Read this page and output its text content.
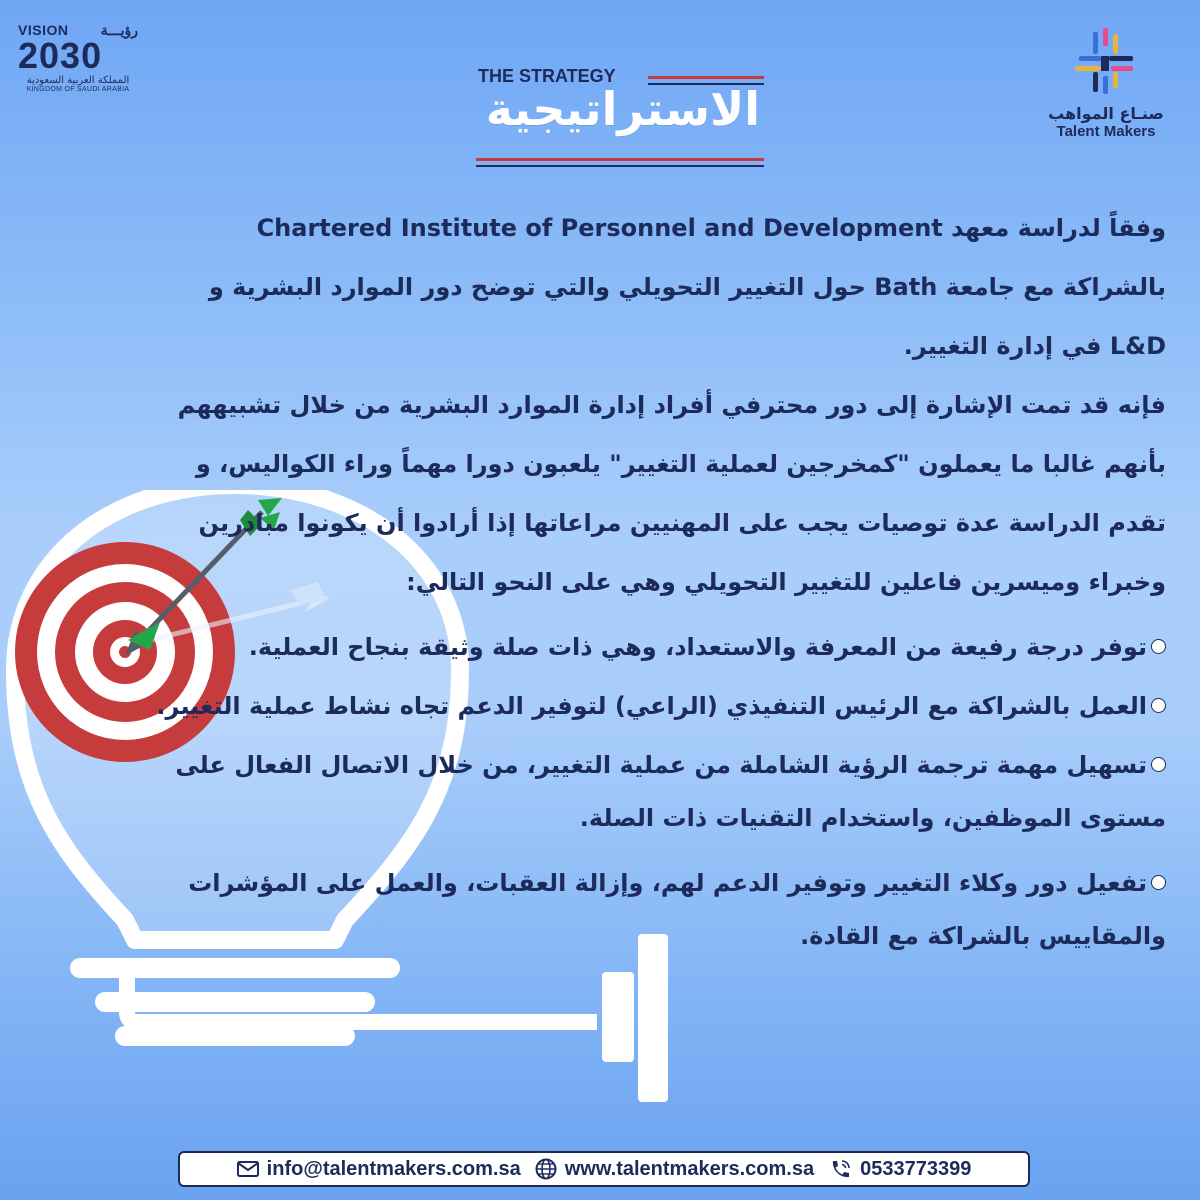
VISION رؤيـــة
2030
المملكة العربية السعودية
KINGDOM OF SAUDI ARABIA
صنـاع المواهب
Talent Makers
THE STRATEGY
الاستراتيجية
وفقاً لدراسة معهد Chartered Institute of Personnel and Development
بالشراكة مع جامعة Bath حول التغيير التحويلي والتي توضح دور الموارد البشرية و
L&D في إدارة التغيير.
فإنه قد تمت الإشارة إلى دور محترفي أفراد إدارة الموارد البشرية من خلال تشبيههم
بأنهم غالبا ما يعملون "كمخرجين لعملية التغيير" يلعبون دورا مهماً وراء الكواليس، و
تقدم الدراسة عدة توصيات يجب على المهنيين مراعاتها إذا أرادوا أن يكونوا مبادرين
وخبراء وميسرين فاعلين للتغيير التحويلي وهي على النحو التالي:
توفر درجة رفيعة من المعرفة والاستعداد، وهي ذات صلة وثيقة بنجاح العملية.
العمل بالشراكة مع الرئيس التنفيذي (الراعي) لتوفير الدعم تجاه نشاط عملية التغيير.
تسهيل مهمة ترجمة الرؤية الشاملة من عملية التغيير، من خلال الاتصال الفعال على
مستوى الموظفين، واستخدام التقنيات ذات الصلة.
تفعيل دور وكلاء التغيير وتوفير الدعم لهم، وإزالة العقبات، والعمل على المؤشرات
والمقاييس بالشراكة مع القادة.
info@talentmakers.com.sa www.talentmakers.com.sa 0533773399
